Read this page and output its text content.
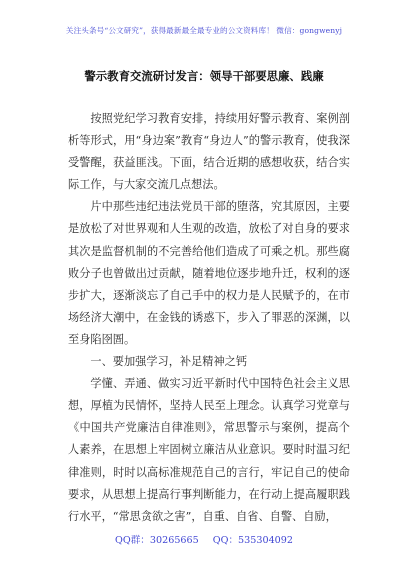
关注头条号“公文研究”，获得最新最全最专业的公文资料库！ 微信：gongwenyj
警示教育交流研讨发言：领导干部要思廉、践廉

按照党纪学习教育安排，持续用好警示教育、案例剖析等形式，用“身边案”教育“身边人”的警示教育，使我深受警醒，获益匪浅。下面，结合近期的感想收获，结合实际工作，与大家交流几点想法。

片中那些违纪违法党员干部的堕落，究其原因，主要是放松了对世界观和人生观的改造，放松了对自身的要求其次是监督机制的不完善给他们造成了可乘之机。那些腐败分子也曾做出过贡献，随着地位逐步地升迁，权利的逐步扩大，逐渐淡忘了自己手中的权力是人民赋予的，在市场经济大潮中，在金钱的诱惑下，步入了罪恶的深渊，以至身陷囹圄。

一、要加强学习，补足精神之钙

学懂、弄通、做实习近平新时代中国特色社会主义思想，厚植为民情怀，坚持人民至上理念。认真学习党章与《中国共产党廉洁自律准则》，常思警示与案例，提高个人素养，在思想上牢固树立廉洁从业意识。要时时温习纪律准则，时时以高标准规范自己的言行，牢记自己的使命要求，从思想上提高行事判断能力，在行动上提高履职践行水平，“常思贪欲之害”，自重、自省、自警、自励，

QQ群：30265665 QQ：535304092
